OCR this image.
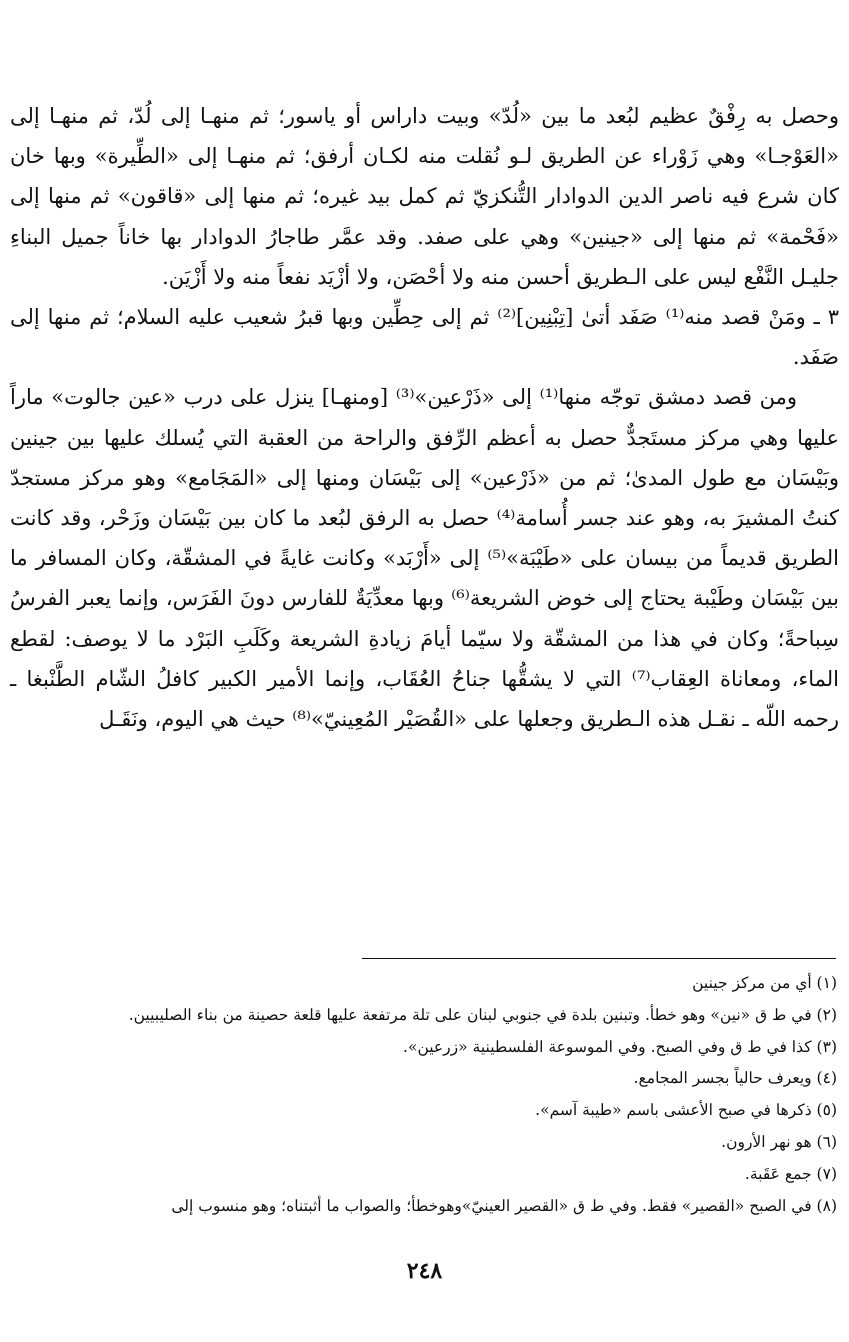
وحصل به رِفْقٌ عظيم لبُعد ما بين «لُدّ» وبيت داراس أو ياسور؛ ثم منهـا إلى لُدّ، ثم منهـا إلى «العَوْجـا» وهي زَوْراء عن الطريق لـو نُقلت منه لكـان أرفق؛ ثم منهـا إلى «الطِّيرة» وبها خان كان شرع فيه ناصر الدين الدوادار التُّنكزيّ ثم كمل بيد غيره؛ ثم منها إلى «قاقون» ثم منها إلى «فَحْمة» ثم منها إلى «جينين» وهي على صفد. وقد عمَّر طاجارُ الدوادار بها خاناً جميل البناءِ جليـل النَّفْع ليس على الـطريق أحسن منه ولا أحْصَن، ولا أزْيَد نفعاً منه ولا أَزْيَن.

٣ ـ ومَنْ قصد منه⁽¹⁾ صَفَد أتىٰ [تِبْنِين]⁽²⁾ ثم إلى حِطِّين وبها قبرُ شعيب عليه السلام؛ ثم منها إلى صَفَد.

ومن قصد دمشق توجّه منها⁽¹⁾ إلى «ذَرْعين»⁽³⁾ [ومنهـا] ينزل على درب «عين جالوت» ماراً عليها وهي مركز مستَجدٌّ حصل به أعظم الرِّفق والراحة من العقبة التي يُسلك عليها بين جينين وبَيْسَان مع طول المدىٰ؛ ثم من «ذَرْعين» إلى بَيْسَان ومنها إلى «المَجَامع» وهو مركز مستجدّ كنتُ المشيرَ به، وهو عند جسر أُسامة⁽⁴⁾ حصل به الرفق لبُعد ما كان بين بَيْسَان وزَحْر، وقد كانت الطريق قديماً من بيسان على «طَيْبَة»⁽⁵⁾ إلى «أَرْبَد» وكانت غايةً في المشقّة، وكان المسافر ما بين بَيْسَان وطَيْبة يحتاج إلى خوض الشريعة⁽⁶⁾ وبها معدِّيَةٌ للفارس دونَ الفَرَس، وإنما يعبر الفرسُ سِباحةً؛ وكان في هذا من المشقّة ولا سيّما أيامَ زيادةِ الشريعة وكَلَبِ البَرْد ما لا يوصف: لقطع الماء، ومعاناة العِقاب⁽⁷⁾ التي لا يشقُّها جناحُ العُقَاب، وإنما الأمير الكبير كافلُ الشّام الطَّنْبغا ـ رحمه اللّه ـ نقـل هذه الـطريق وجعلها على «القُصَيْر المُعِينيّ»⁽⁸⁾ حيث هي اليوم، ونَقَـل

(١) أي من مركز جينين
(٢) في ط ق «نين» وهو خطأ. وتبنين بلدة في جنوبي لبنان على تلة مرتفعة عليها قلعة حصينة من بناء الصليبيين.
(٣) كذا في ط ق وفي الصبح. وفي الموسوعة الفلسطينية «زرعين».
(٤) ويعرف حالياً بجسر المجامع.
(٥) ذكرها في صبح الأعشى باسم «طيبة آسم».
(٦) هو نهر الأرون.
(٧) جمع عَقَبة.
(٨) في الصبح «القصير» فقط. وفي ط ق «القصير العينيّ»وهوخطأ؛ والصواب ما أثبتناه؛ وهو منسوب إلى
٢٤٨
